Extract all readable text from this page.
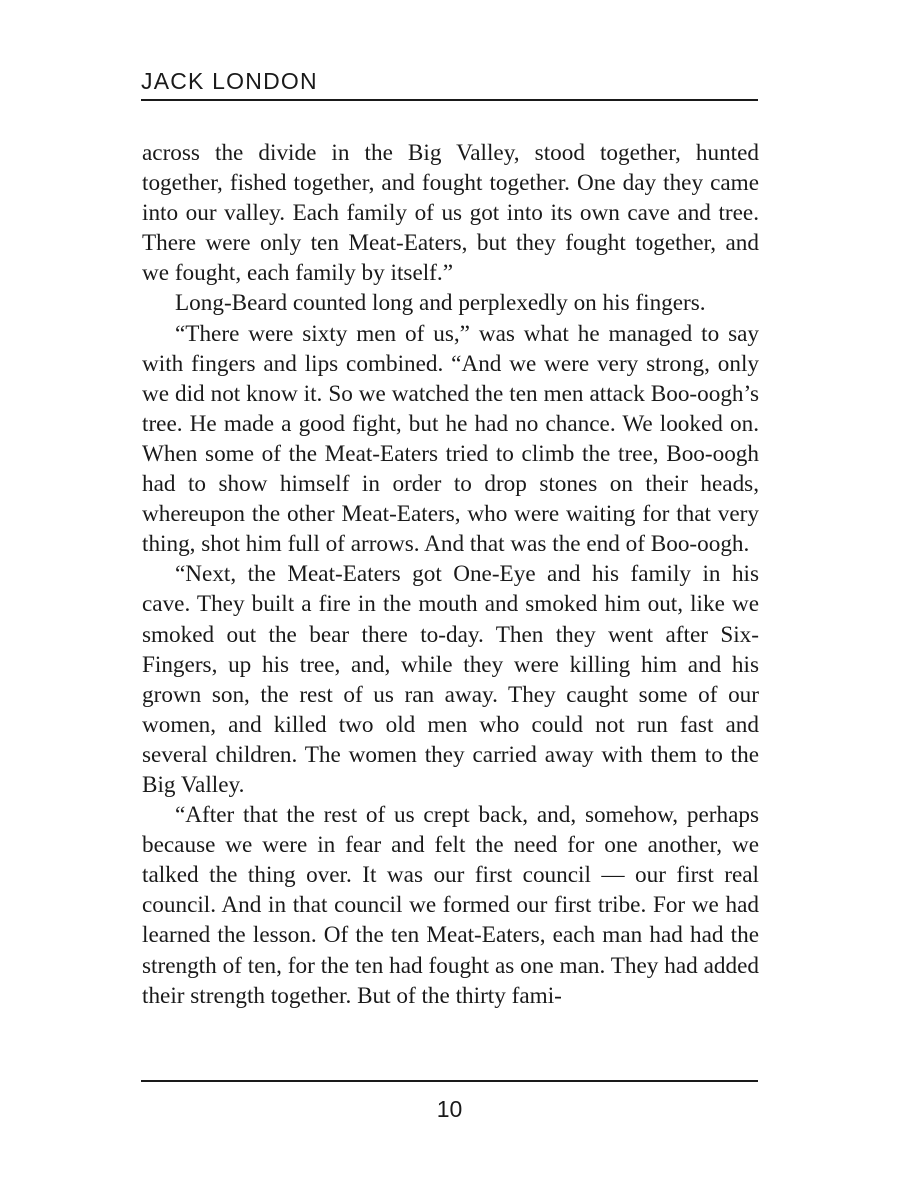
JACK LONDON

across the divide in the Big Valley, stood together, hunted together, fished together, and fought together. One day they came into our valley. Each family of us got into its own cave and tree. There were only ten Meat-Eaters, but they fought together, and we fought, each family by itself.”

Long-Beard counted long and perplexedly on his fingers.

“There were sixty men of us,” was what he managed to say with fingers and lips combined. “And we were very strong, only we did not know it. So we watched the ten men attack Boo-oogh’s tree. He made a good fight, but he had no chance. We looked on. When some of the Meat-Eaters tried to climb the tree, Boo-oogh had to show himself in order to drop stones on their heads, whereupon the other Meat-Eaters, who were waiting for that very thing, shot him full of arrows. And that was the end of Boo-oogh.

“Next, the Meat-Eaters got One-Eye and his family in his cave. They built a fire in the mouth and smoked him out, like we smoked out the bear there to-day. Then they went after Six-Fingers, up his tree, and, while they were killing him and his grown son, the rest of us ran away. They caught some of our women, and killed two old men who could not run fast and several children. The women they carried away with them to the Big Valley.

“After that the rest of us crept back, and, somehow, perhaps because we were in fear and felt the need for one another, we talked the thing over. It was our first council — our first real council. And in that council we formed our first tribe. For we had learned the lesson. Of the ten Meat-Eaters, each man had had the strength of ten, for the ten had fought as one man. They had added their strength together. But of the thirty fami-

10
